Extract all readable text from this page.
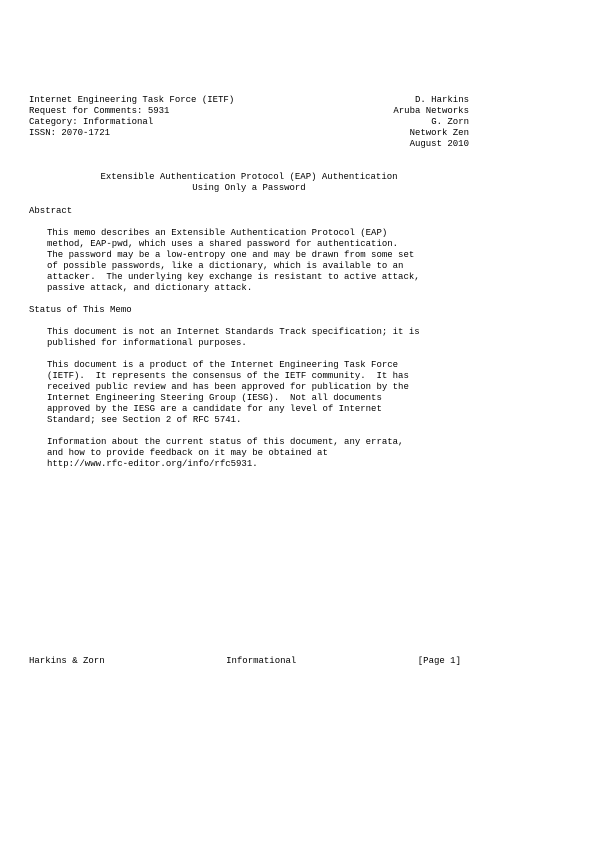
Internet Engineering Task Force (IETF)	D. Harkins
Request for Comments: 5931	Aruba Networks
Category: Informational	G. Zorn
ISSN: 2070-1721	Network Zen
August 2010
Extensible Authentication Protocol (EAP) Authentication
Using Only a Password
Abstract
This memo describes an Extensible Authentication Protocol (EAP)
method, EAP-pwd, which uses a shared password for authentication.
The password may be a low-entropy one and may be drawn from some set
of possible passwords, like a dictionary, which is available to an
attacker.  The underlying key exchange is resistant to active attack,
passive attack, and dictionary attack.
Status of This Memo
This document is not an Internet Standards Track specification; it is
published for informational purposes.
This document is a product of the Internet Engineering Task Force
(IETF).  It represents the consensus of the IETF community.  It has
received public review and has been approved for publication by the
Internet Engineering Steering Group (IESG).  Not all documents
approved by the IESG are a candidate for any level of Internet
Standard; see Section 2 of RFC 5741.
Information about the current status of this document, any errata,
and how to provide feedback on it may be obtained at
http://www.rfc-editor.org/info/rfc5931.
Harkins & Zorn	Informational	[Page 1]
